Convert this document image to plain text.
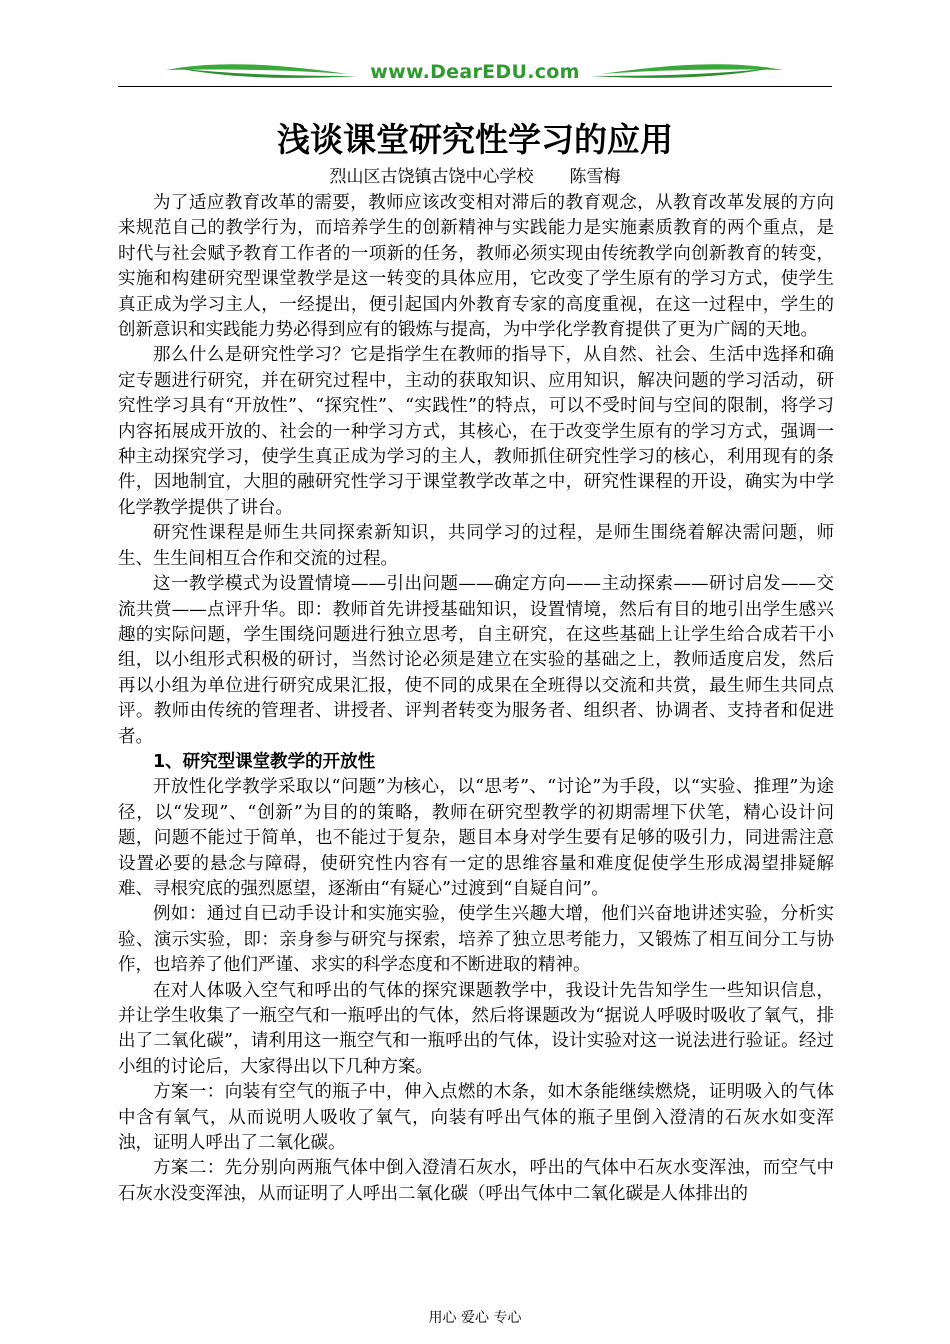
www.DearEDU.com
浅谈课堂研究性学习的应用
烈山区古饶镇古饶中心学校 陈雪梅

为了适应教育改革的需要，教师应该改变相对滞后的教育观念，从教育改革发展的方向来规范自己的教学行为，而培养学生的创新精神与实践能力是实施素质教育的两个重点，是时代与社会赋予教育工作者的一项新的任务，教师必须实现由传统教学向创新教育的转变，实施和构建研究型课堂教学是这一转变的具体应用，它改变了学生原有的学习方式，使学生真正成为学习主人，一经提出，便引起国内外教育专家的高度重视，在这一过程中，学生的创新意识和实践能力势必得到应有的锻炼与提高，为中学化学教育提供了更为广阔的天地。

那么什么是研究性学习？它是指学生在教师的指导下，从自然、社会、生活中选择和确定专题进行研究，并在研究过程中，主动的获取知识、应用知识，解决问题的学习活动，研究性学习具有“开放性”、“探究性”、“实践性”的特点，可以不受时间与空间的限制，将学习内容拓展成开放的、社会的一种学习方式，其核心，在于改变学生原有的学习方式，强调一种主动探究学习，使学生真正成为学习的主人，教师抓住研究性学习的核心，利用现有的条件，因地制宜，大胆的融研究性学习于课堂教学改革之中，研究性课程的开设，确实为中学化学教学提供了讲台。

研究性课程是师生共同探索新知识，共同学习的过程，是师生围绕着解决需问题，师生、生生间相互合作和交流的过程。

这一教学模式为设置情境——引出问题——确定方向——主动探索——研讨启发——交流共赏——点评升华。即：教师首先讲授基础知识，设置情境，然后有目的地引出学生感兴趣的实际问题，学生围绕问题进行独立思考，自主研究，在这些基础上让学生给合成若干小组，以小组形式积极的研讨，当然讨论必须是建立在实验的基础之上，教师适度启发，然后再以小组为单位进行研究成果汇报，使不同的成果在全班得以交流和共赏，最生师生共同点评。教师由传统的管理者、讲授者、评判者转变为服务者、组织者、协调者、支持者和促进者。

1、研究型课堂教学的开放性

开放性化学教学采取以“问题”为核心，以“思考”、“讨论”为手段，以“实验、推理”为途径，以“发现”、“创新”为目的的策略，教师在研究型教学的初期需埋下伏笔，精心设计问题，问题不能过于简单，也不能过于复杂，题目本身对学生要有足够的吸引力，同进需注意设置必要的悬念与障碍，使研究性内容有一定的思维容量和难度促使学生形成渴望排疑解难、寻根究底的强烈愿望，逐渐由“有疑心”过渡到“自疑自问”。

例如：通过自已动手设计和实施实验，使学生兴趣大增，他们兴奋地讲述实验，分析实验、演示实验，即：亲身参与研究与探索，培养了独立思考能力，又锻炼了相互间分工与协作，也培养了他们严谨、求实的科学态度和不断进取的精神。

在对人体吸入空气和呼出的气体的探究课题教学中，我设计先告知学生一些知识信息，并让学生收集了一瓶空气和一瓶呼出的气体，然后将课题改为“据说人呼吸时吸收了氧气，排出了二氧化碳”，请利用这一瓶空气和一瓶呼出的气体，设计实验对这一说法进行验证。经过小组的讨论后，大家得出以下几种方案。

方案一：向装有空气的瓶子中，伸入点燃的木条，如木条能继续燃烧，证明吸入的气体中含有氧气，从而说明人吸收了氧气，向装有呼出气体的瓶子里倒入澄清的石灰水如变浑浊，证明人呼出了二氧化碳。

方案二：先分别向两瓶气体中倒入澄清石灰水，呼出的气体中石灰水变浑浊，而空气中石灰水没变浑浊，从而证明了人呼出二氧化碳（呼出气体中二氧化碳是人体排出的

用心 爱心 专心
